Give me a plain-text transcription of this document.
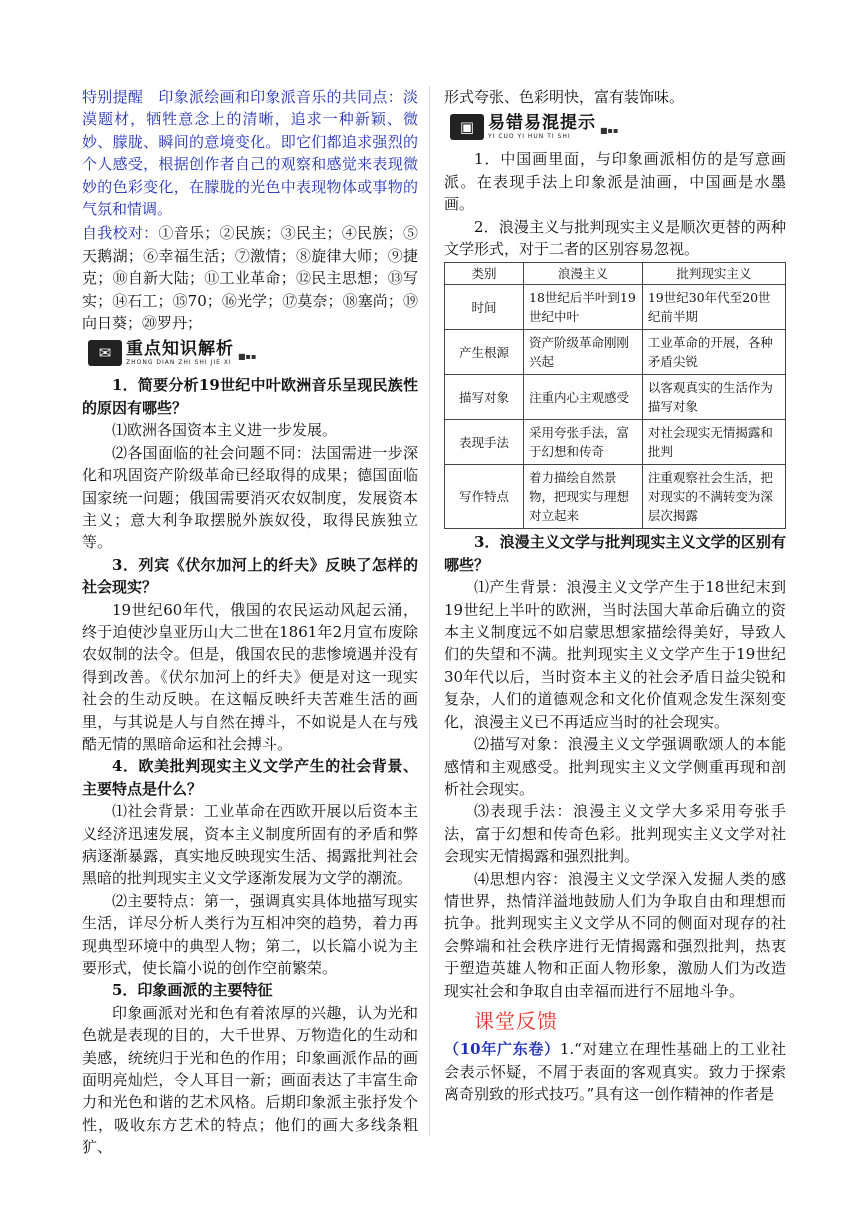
特别提醒　印象派绘画和印象派音乐的共同点：淡漠题材，牺牲意念上的清晰，追求一种新颖、微妙、朦胧、瞬间的意境变化。即它们都追求强烈的个人感受，根据创作者自己的观察和感觉来表现微妙的色彩变化，在朦胧的光色中表现物体或事物的气氛和情调。

自我校对：①音乐；②民族；③民主；④民族；⑤天鹅湖；⑥幸福生活；⑦激情；⑧旋律大师；⑨捷克；⑩自新大陆；⑪工业革命；⑫民主思想；⑬写实；⑭石工；⑮70；⑯光学；⑰莫奈；⑱塞尚；⑲向日葵；⑳罗丹；

✉ 重点知识解析
ZHONG DIAN ZHI SHI JIE XI
■▪▪

1．简要分析19世纪中叶欧洲音乐呈现民族性的原因有哪些？

⑴欧洲各国资本主义进一步发展。

⑵各国面临的社会问题不同：法国需进一步深化和巩固资产阶级革命已经取得的成果；德国面临国家统一问题；俄国需要消灭农奴制度，发展资本主义；意大利争取摆脱外族奴役，取得民族独立等。

3．列宾《伏尔加河上的纤夫》反映了怎样的社会现实？

19世纪60年代，俄国的农民运动风起云涌，终于迫使沙皇亚历山大二世在1861年2月宣布废除农奴制的法令。但是，俄国农民的悲惨境遇并没有得到改善。《伏尔加河上的纤夫》便是对这一现实社会的生动反映。在这幅反映纤夫苦难生活的画里，与其说是人与自然在搏斗，不如说是人在与残酷无情的黑暗命运和社会搏斗。

4．欧美批判现实主义文学产生的社会背景、主要特点是什么？

⑴社会背景：工业革命在西欧开展以后资本主义经济迅速发展，资本主义制度所固有的矛盾和弊病逐渐暴露，真实地反映现实生活、揭露批判社会黑暗的批判现实主义文学逐渐发展为文学的潮流。

⑵主要特点：第一，强调真实具体地描写现实生活，详尽分析人类行为互相冲突的趋势，着力再现典型环境中的典型人物；第二，以长篇小说为主要形式，使长篇小说的创作空前繁荣。

5．印象画派的主要特征

印象画派对光和色有着浓厚的兴趣，认为光和色就是表现的目的，大千世界、万物造化的生动和美感，统统归于光和色的作用；印象画派作品的画面明亮灿烂，令人耳目一新；画面表达了丰富生命力和光色和谐的艺术风格。后期印象派主张抒发个性，吸收东方艺术的特点；他们的画大多线条粗犷、

形式夸张、色彩明快，富有装饰味。

▣ 易错易混提示
YI CUO YI HUN TI SHI
■▪▪

1．中国画里面，与印象画派相仿的是写意画派。在表现手法上印象派是油画，中国画是水墨画。

2．浪漫主义与批判现实主义是顺次更替的两种文学形式，对于二者的区别容易忽视。

类别	浪漫主义	批判现实主义
时间	18世纪后半叶到19世纪中叶	19世纪30年代至20世纪前半期
产生根源	资产阶级革命刚刚兴起	工业革命的开展，各种矛盾尖锐
描写对象	注重内心主观感受	以客观真实的生活作为描写对象
表现手法	采用夸张手法，富于幻想和传奇	对社会现实无情揭露和批判
写作特点	着力描绘自然景物，把现实与理想对立起来	注重观察社会生活，把对现实的不满转变为深层次揭露

3．浪漫主义文学与批判现实主义文学的区别有哪些？

⑴产生背景：浪漫主义文学产生于18世纪末到19世纪上半叶的欧洲，当时法国大革命后确立的资本主义制度远不如启蒙思想家描绘得美好，导致人们的失望和不满。批判现实主义文学产生于19世纪30年代以后，当时资本主义的社会矛盾日益尖锐和复杂，人们的道德观念和文化价值观念发生深刻变化，浪漫主义已不再适应当时的社会现实。

⑵描写对象：浪漫主义文学强调歌颂人的本能感情和主观感受。批判现实主义文学侧重再现和剖析社会现实。

⑶表现手法：浪漫主义文学大多采用夸张手法，富于幻想和传奇色彩。批判现实主义文学对社会现实无情揭露和强烈批判。

⑷思想内容：浪漫主义文学深入发掘人类的感情世界，热情洋溢地鼓励人们为争取自由和理想而抗争。批判现实主义文学从不同的侧面对现存的社会弊端和社会秩序进行无情揭露和强烈批判，热衷于塑造英雄人物和正面人物形象，激励人们为改造现实社会和争取自由幸福而进行不屈地斗争。

课堂反馈

（10年广东卷）1.“对建立在理性基础上的工业社会表示怀疑，不屑于表面的客观真实。致力于探索离奇别致的形式技巧。”具有这一创作精神的作者是
